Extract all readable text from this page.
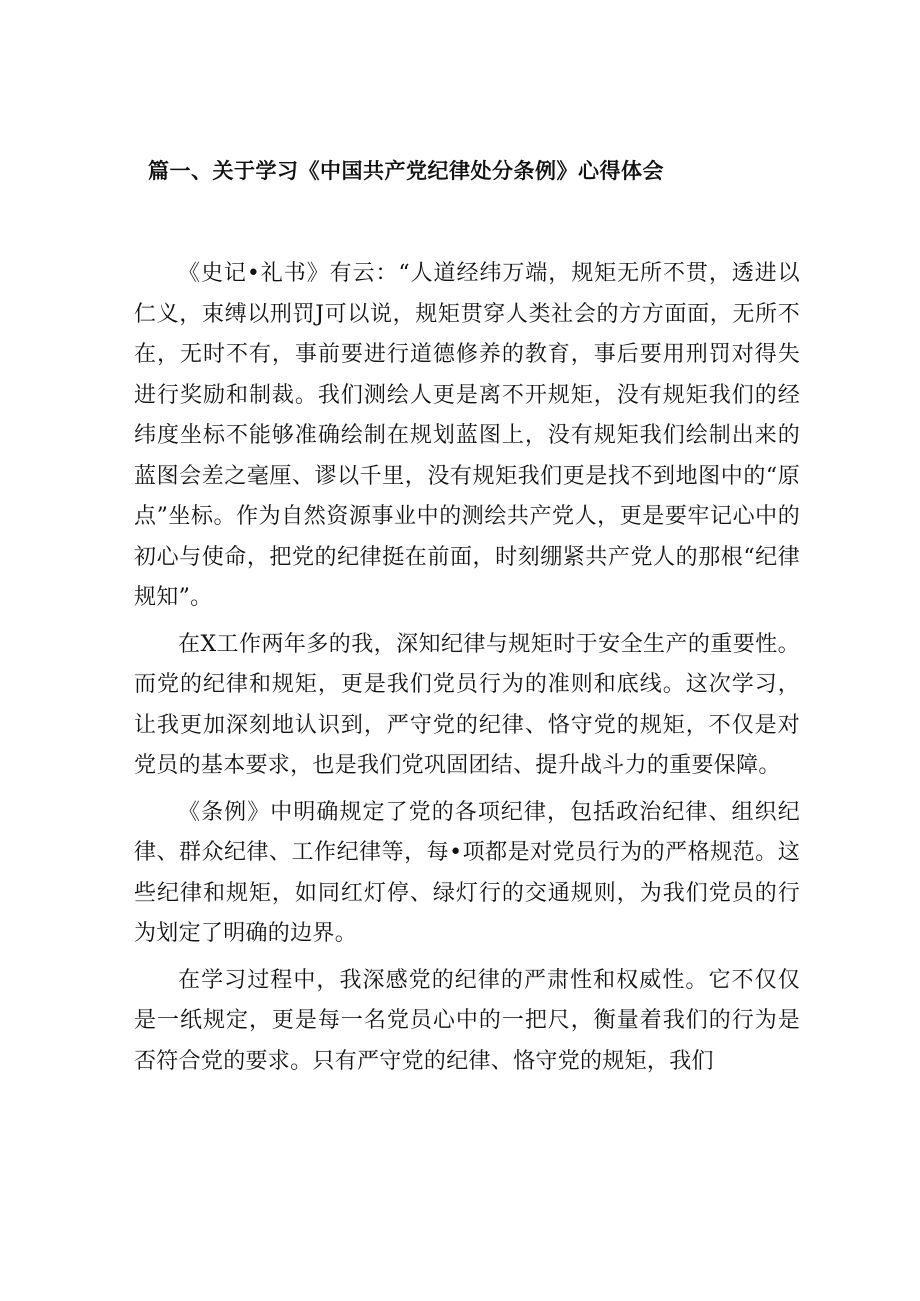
篇一、关于学习《中国共产党纪律处分条例》心得体会

《史记•礼书》有云：“人道经纬万端，规矩无所不贯，透进以仁义，束缚以刑罚J可以说，规矩贯穿人类社会的方方面面，无所不在，无时不有，事前要进行道德修养的教育，事后要用刑罚对得失进行奖励和制裁。我们测绘人更是离不开规矩，没有规矩我们的经纬度坐标不能够准确绘制在规划蓝图上，没有规矩我们绘制出来的蓝图会差之毫厘、谬以千里，没有规矩我们更是找不到地图中的“原点”坐标。作为自然资源事业中的测绘共产党人，更是要牢记心中的初心与使命，把党的纪律挺在前面，时刻绷紧共产党人的那根“纪律规知”。

在X工作两年多的我，深知纪律与规矩时于安全生产的重要性。而党的纪律和规矩，更是我们党员行为的准则和底线。这次学习，让我更加深刻地认识到，严守党的纪律、恪守党的规矩，不仅是对党员的基本要求，也是我们党巩固团结、提升战斗力的重要保障。

《条例》中明确规定了党的各项纪律，包括政治纪律、组织纪律、群众纪律、工作纪律等，每•项都是对党员行为的严格规范。这些纪律和规矩，如同红灯停、绿灯行的交通规则，为我们党员的行为划定了明确的边界。

在学习过程中，我深感党的纪律的严肃性和权威性。它不仅仅是一纸规定，更是每一名党员心中的一把尺，衡量着我们的行为是否符合党的要求。只有严守党的纪律、恪守党的规矩，我们
